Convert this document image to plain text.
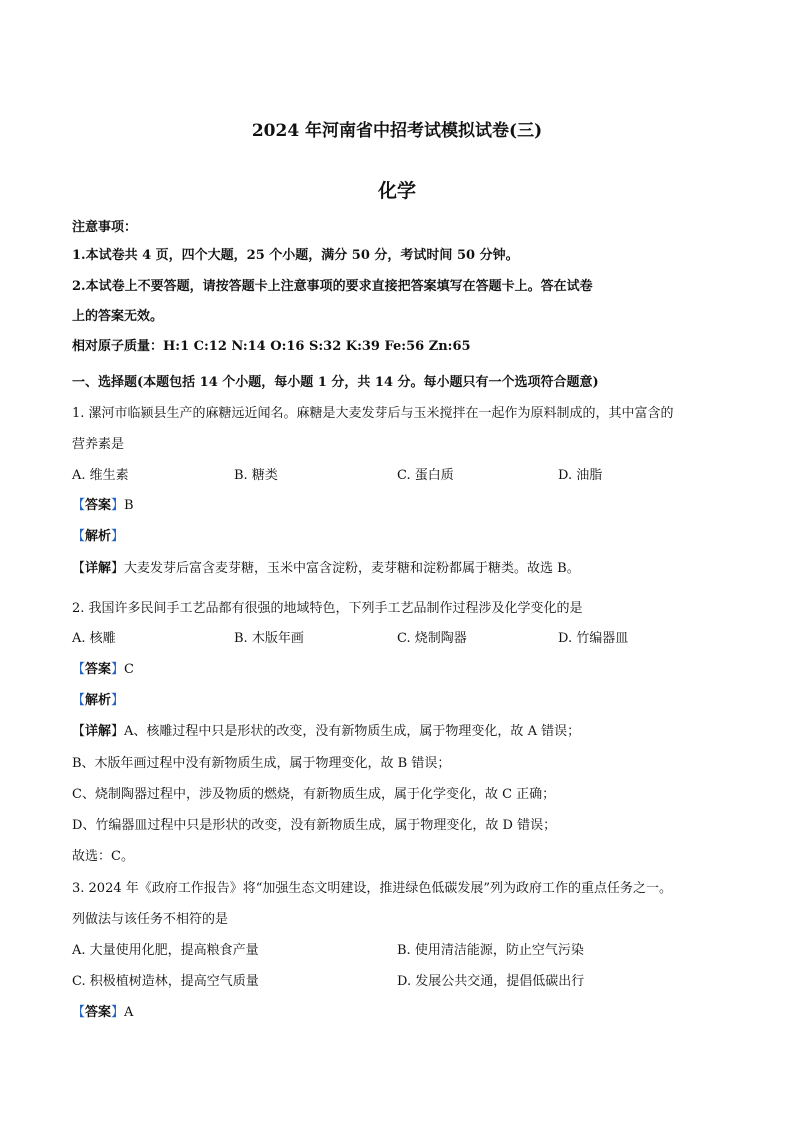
2024 年河南省中招考试模拟试卷(三)
化学
注意事项：
1.本试卷共 4 页，四个大题，25 个小题，满分 50 分，考试时间 50 分钟。
2.本试卷上不要答题，请按答题卡上注意事项的要求直接把答案填写在答题卡上。答在试卷
上的答案无效。
相对原子质量：H:1 C:12 N:14 O:16 S:32 K:39 Fe:56 Zn:65
一、选择题(本题包括 14 个小题，每小题 1 分，共 14 分。每小题只有一个选项符合题意)
1. 漯河市临颍县生产的麻糖远近闻名。麻糖是大麦发芽后与玉米搅拌在一起作为原料制成的，其中富含的
营养素是
A. 维生素	B. 糖类	C. 蛋白质	D. 油脂
【答案】B
【解析】
【详解】大麦发芽后富含麦芽糖，玉米中富含淀粉，麦芽糖和淀粉都属于糖类。故选 B。
2. 我国许多民间手工艺品都有很强的地域特色，下列手工艺品制作过程涉及化学变化的是
A. 核雕	B. 木版年画	C. 烧制陶器	D. 竹编器皿
【答案】C
【解析】
【详解】A、核雕过程中只是形状的改变，没有新物质生成，属于物理变化，故 A 错误；
B、木版年画过程中没有新物质生成，属于物理变化，故 B 错误；
C、烧制陶器过程中，涉及物质的燃烧，有新物质生成，属于化学变化，故 C 正确；
D、竹编器皿过程中只是形状的改变，没有新物质生成，属于物理变化，故 D 错误；
故选：C。
3. 2024 年《政府工作报告》将“加强生态文明建设，推进绿色低碳发展”列为政府工作的重点任务之一。
列做法与该任务不相符的是
A. 大量使用化肥，提高粮食产量	B. 使用清洁能源，防止空气污染
C. 积极植树造林，提高空气质量	D. 发展公共交通，提倡低碳出行
【答案】A
